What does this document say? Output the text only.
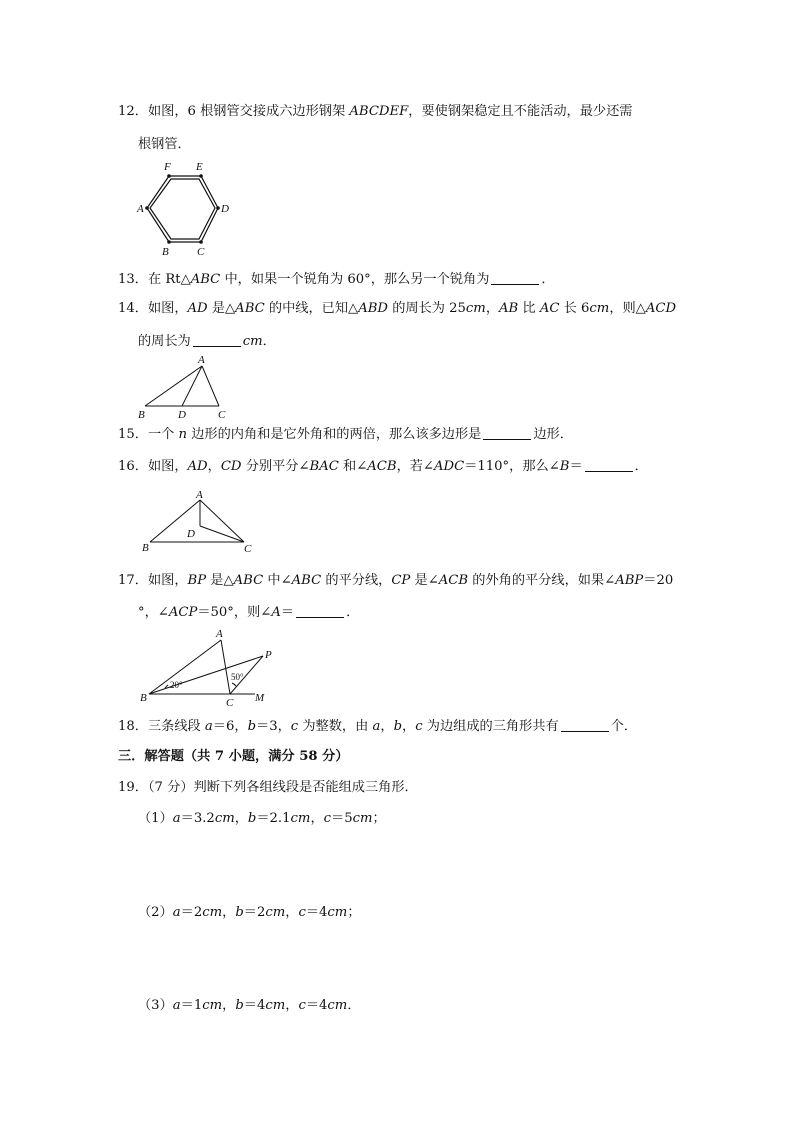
12．如图，6 根钢管交接成六边形钢架 ABCDEF，要使钢架稳定且不能活动，最少还需
根钢管．
F E
A	D
B	C
13．在 Rt△ABC 中，如果一个锐角为 60°，那么另一个锐角为	．
14．如图，AD 是△ABC 的中线，已知△ABD 的周长为 25cm，AB 比 AC 长 6cm，则△ACD
的周长为	cm．
A
B	D	C
15．一个 n 边形的内角和是它外角和的两倍，那么该多边形是	边形．
16．如图，AD，CD 分别平分∠BAC 和∠ACB，若∠ADC＝110°，那么∠B＝	．
A
D
B	C
17．如图，BP 是△ABC 中∠ABC 的平分线，CP 是∠ACB 的外角的平分线，如果∠ABP＝20
°，∠ACP＝50°，则∠A＝	．
A
P
B	C M
20°
50°
18．三条线段 a＝6，b＝3，c 为整数，由 a，b，c 为边组成的三角形共有	个．
三．解答题（共 7 小题，满分 58 分）
19．（7 分）判断下列各组线段是否能组成三角形．
（1）a＝3.2cm，b＝2.1cm，c＝5cm；
（2）a＝2cm，b＝2cm，c＝4cm；
（3）a＝1cm，b＝4cm，c＝4cm．
